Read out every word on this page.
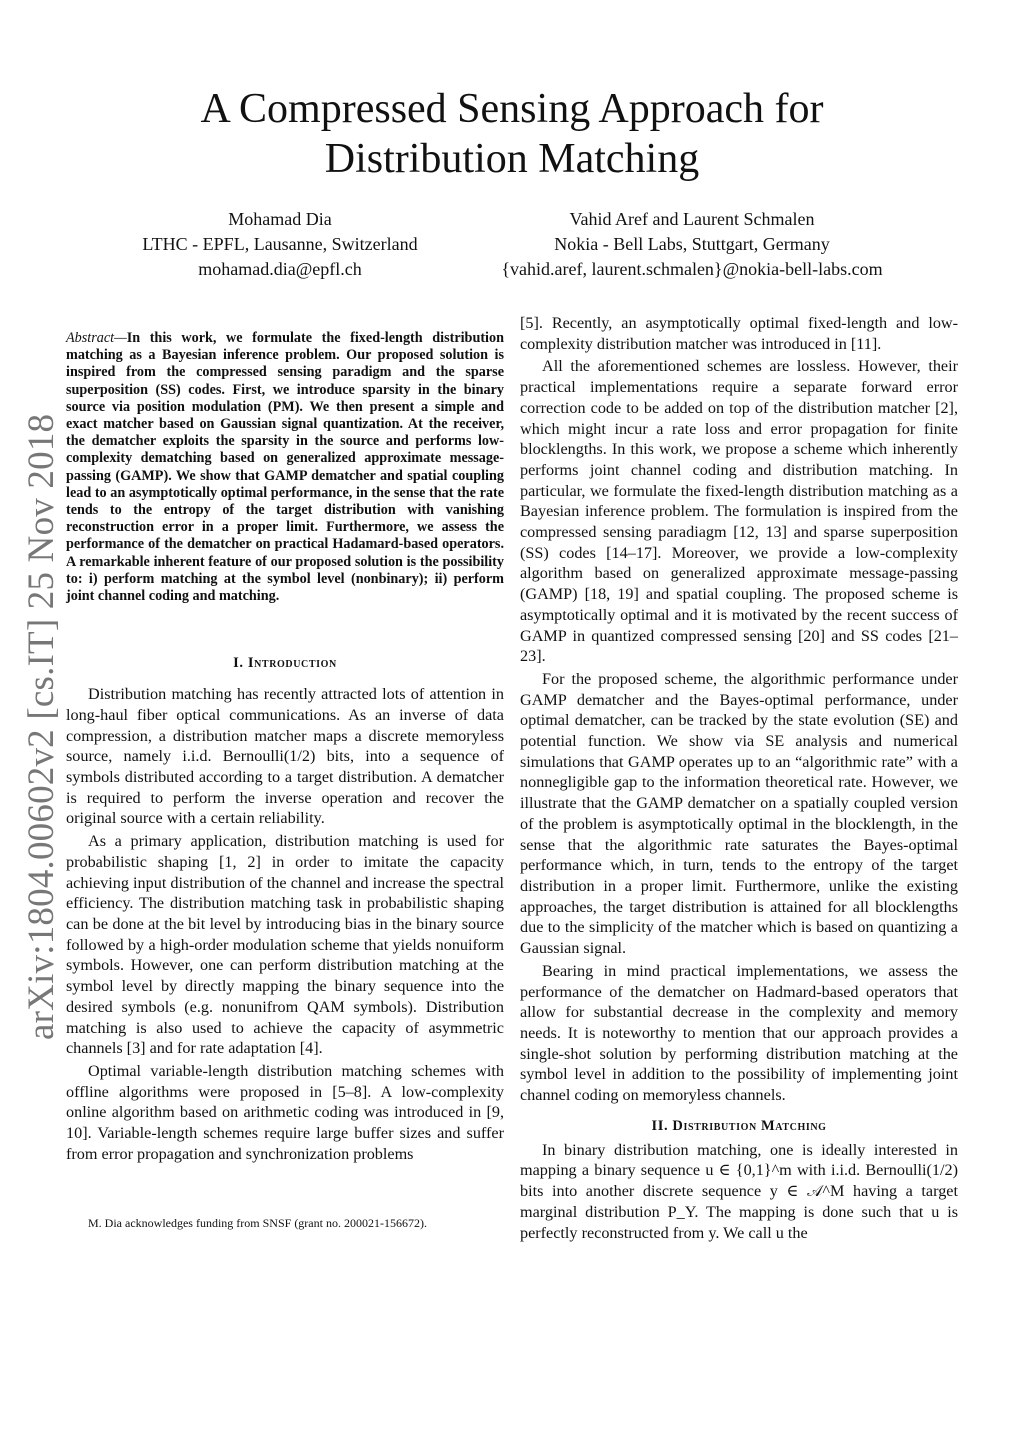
arXiv:1804.00602v2 [cs.IT] 25 Nov 2018
A Compressed Sensing Approach for
Distribution Matching
Mohamad Dia
LTHC - EPFL, Lausanne, Switzerland
mohamad.dia@epfl.ch
Vahid Aref and Laurent Schmalen
Nokia - Bell Labs, Stuttgart, Germany
{vahid.aref, laurent.schmalen}@nokia-bell-labs.com
Abstract—In this work, we formulate the fixed-length distribution matching as a Bayesian inference problem. Our proposed solution is inspired from the compressed sensing paradigm and the sparse superposition (SS) codes. First, we introduce sparsity in the binary source via position modulation (PM). We then present a simple and exact matcher based on Gaussian signal quantization. At the receiver, the dematcher exploits the sparsity in the source and performs low-complexity dematching based on generalized approximate message-passing (GAMP). We show that GAMP dematcher and spatial coupling lead to an asymptotically optimal performance, in the sense that the rate tends to the entropy of the target distribution with vanishing reconstruction error in a proper limit. Furthermore, we assess the performance of the dematcher on practical Hadamard-based operators. A remarkable inherent feature of our proposed solution is the possibility to: i) perform matching at the symbol level (nonbinary); ii) perform joint channel coding and matching.
I. Introduction

Distribution matching has recently attracted lots of attention in long-haul fiber optical communications. As an inverse of data compression, a distribution matcher maps a discrete memoryless source, namely i.i.d. Bernoulli(1/2) bits, into a sequence of symbols distributed according to a target distribution. A dematcher is required to perform the inverse operation and recover the original source with a certain reliability.

As a primary application, distribution matching is used for probabilistic shaping [1, 2] in order to imitate the capacity achieving input distribution of the channel and increase the spectral efficiency. The distribution matching task in probabilistic shaping can be done at the bit level by introducing bias in the binary source followed by a high-order modulation scheme that yields nonuiform symbols. However, one can perform distribution matching at the symbol level by directly mapping the binary sequence into the desired symbols (e.g. nonunifrom QAM symbols). Distribution matching is also used to achieve the capacity of asymmetric channels [3] and for rate adaptation [4].

Optimal variable-length distribution matching schemes with offline algorithms were proposed in [5–8]. A low-complexity online algorithm based on arithmetic coding was introduced in [9, 10]. Variable-length schemes require large buffer sizes and suffer from error propagation and synchronization problems

M. Dia acknowledges funding from SNSF (grant no. 200021-156672).

[5]. Recently, an asymptotically optimal fixed-length and low-complexity distribution matcher was introduced in [11].

All the aforementioned schemes are lossless. However, their practical implementations require a separate forward error correction code to be added on top of the distribution matcher [2], which might incur a rate loss and error propagation for finite blocklengths. In this work, we propose a scheme which inherently performs joint channel coding and distribution matching. In particular, we formulate the fixed-length distribution matching as a Bayesian inference problem. The formulation is inspired from the compressed sensing paradiagm [12, 13] and sparse superposition (SS) codes [14–17]. Moreover, we provide a low-complexity algorithm based on generalized approximate message-passing (GAMP) [18, 19] and spatial coupling. The proposed scheme is asymptotically optimal and it is motivated by the recent success of GAMP in quantized compressed sensing [20] and SS codes [21–23].

For the proposed scheme, the algorithmic performance under GAMP dematcher and the Bayes-optimal performance, under optimal dematcher, can be tracked by the state evolution (SE) and potential function. We show via SE analysis and numerical simulations that GAMP operates up to an “algorithmic rate” with a nonnegligible gap to the information theoretical rate. However, we illustrate that the GAMP dematcher on a spatially coupled version of the problem is asymptotically optimal in the blocklength, in the sense that the algorithmic rate saturates the Bayes-optimal performance which, in turn, tends to the entropy of the target distribution in a proper limit. Furthermore, unlike the existing approaches, the target distribution is attained for all blocklengths due to the simplicity of the matcher which is based on quantizing a Gaussian signal.

Bearing in mind practical implementations, we assess the performance of the dematcher on Hadmard-based operators that allow for substantial decrease in the complexity and memory needs. It is noteworthy to mention that our approach provides a single-shot solution by performing distribution matching at the symbol level in addition to the possibility of implementing joint channel coding on memoryless channels.

II. Distribution Matching

In binary distribution matching, one is ideally interested in mapping a binary sequence u ∈ {0,1}^m with i.i.d. Bernoulli(1/2) bits into another discrete sequence y ∈ 𝒜^M having a target marginal distribution P_Y. The mapping is done such that u is perfectly reconstructed from y. We call u the
